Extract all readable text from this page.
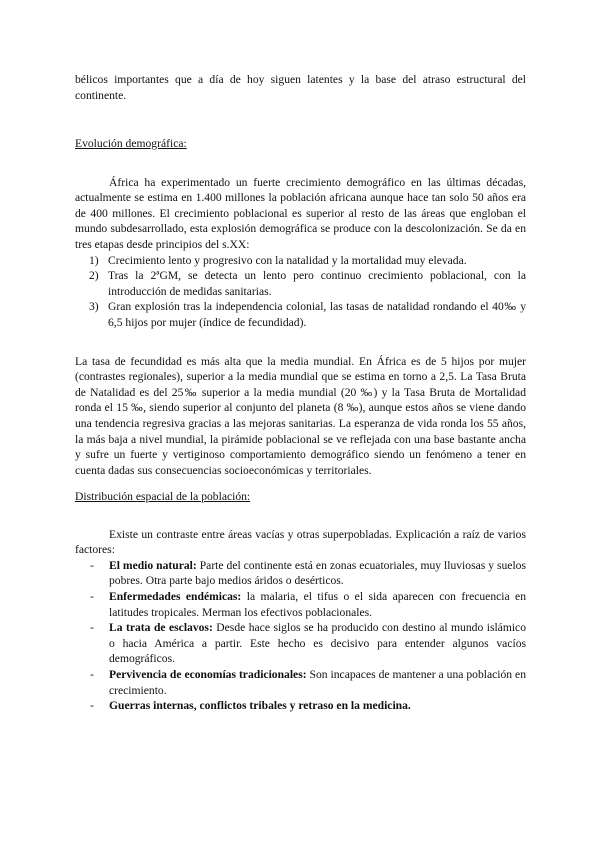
bélicos importantes que a día de hoy siguen latentes y la base del atraso estructural del continente.

Evolución demográfica:

África ha experimentado un fuerte crecimiento demográfico en las últimas décadas, actualmente se estima en 1.400 millones la población africana aunque hace tan solo 50 años era de 400 millones. El crecimiento poblacional es superior al resto de las áreas que engloban el mundo subdesarrollado, esta explosión demográfica se produce con la descolonización. Se da en tres etapas desde principios del s.XX:

1) Crecimiento lento y progresivo con la natalidad y la mortalidad muy elevada.
2) Tras la 2ªGM, se detecta un lento pero continuo crecimiento poblacional, con la introducción de medidas sanitarias.
3) Gran explosión tras la independencia colonial, las tasas de natalidad rondando el 40‰ y 6,5 hijos por mujer (índice de fecundidad).

La tasa de fecundidad es más alta que la media mundial. En África es de 5 hijos por mujer (contrastes regionales), superior a la media mundial que se estima en torno a 2,5. La Tasa Bruta de Natalidad es del 25‰ superior a la media mundial (20 ‰) y la Tasa Bruta de Mortalidad ronda el 15 ‰, siendo superior al conjunto del planeta (8 ‰), aunque estos años se viene dando una tendencia regresiva gracias a las mejoras sanitarias. La esperanza de vida ronda los 55 años, la más baja a nivel mundial, la pirámide poblacional se ve reflejada con una base bastante ancha y sufre un fuerte y vertiginoso comportamiento demográfico siendo un fenómeno a tener en cuenta dadas sus consecuencias socioeconómicas y territoriales.

Distribución espacial de la población:

Existe un contraste entre áreas vacías y otras superpobladas. Explicación a raíz de varios factores:

- El medio natural: Parte del continente está en zonas ecuatoriales, muy lluviosas y suelos pobres. Otra parte bajo medios áridos o desérticos.
- Enfermedades endémicas: la malaria, el tifus o el sida aparecen con frecuencia en latitudes tropicales. Merman los efectivos poblacionales.
- La trata de esclavos: Desde hace siglos se ha producido con destino al mundo islámico o hacia América a partir. Este hecho es decisivo para entender algunos vacíos demográficos.
- Pervivencia de economías tradicionales: Son incapaces de mantener a una población en crecimiento.
- Guerras internas, conflictos tribales y retraso en la medicina.
